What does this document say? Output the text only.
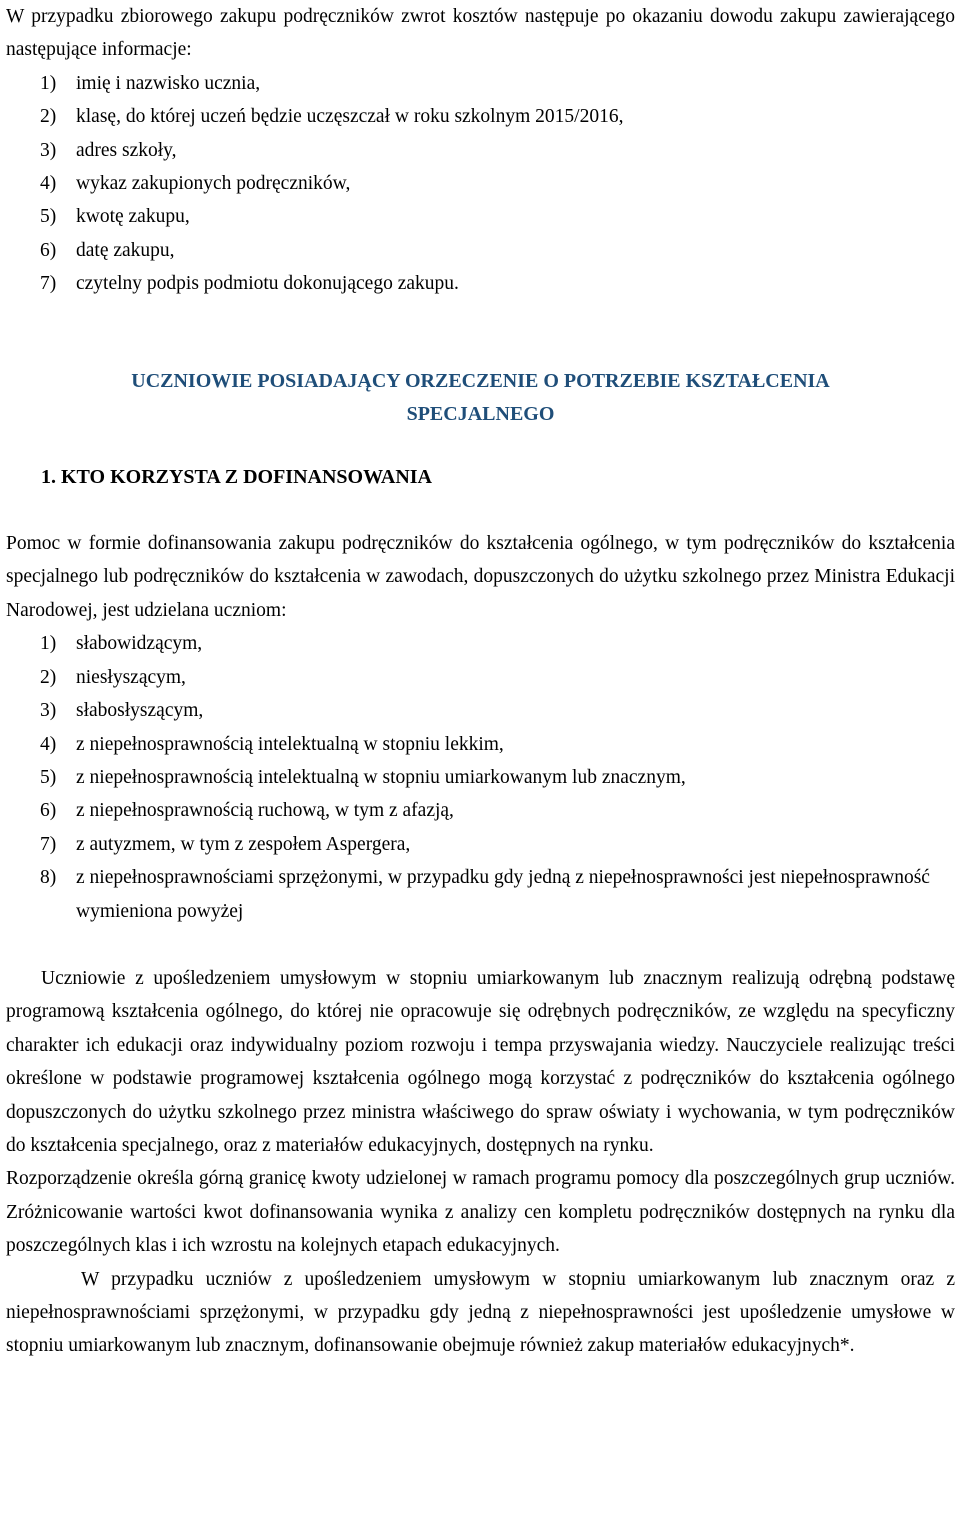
W przypadku zbiorowego zakupu podręczników zwrot kosztów następuje po okazaniu dowodu zakupu zawierającego następujące informacje:

1)	imię i nazwisko ucznia,
2)	klasę, do której uczeń będzie uczęszczał w roku szkolnym 2015/2016,
3)	adres szkoły,
4)	wykaz zakupionych podręczników,
5)	kwotę zakupu,
6)	datę zakupu,
7)	czytelny podpis podmiotu dokonującego zakupu.
UCZNIOWIE POSIADAJĄCY ORZECZENIE O POTRZEBIE KSZTAŁCENIA
SPECJALNEGO

1. KTO KORZYSTA Z DOFINANSOWANIA

Pomoc w formie dofinansowania zakupu podręczników do kształcenia ogólnego, w tym podręczników do kształcenia specjalnego lub podręczników do kształcenia w zawodach, dopuszczonych do użytku szkolnego przez Ministra Edukacji Narodowej, jest udzielana uczniom:

1)	słabowidzącym,
2)	niesłyszącym,
3)	słabosłyszącym,
4)	z niepełnosprawnością intelektualną w stopniu lekkim,
5)	z niepełnosprawnością intelektualną w stopniu umiarkowanym lub znacznym,
6)	z niepełnosprawnością ruchową, w tym z afazją,
7)	z autyzmem, w tym z zespołem Aspergera,
8)	z niepełnosprawnościami sprzężonymi, w przypadku gdy jedną z niepełnosprawności jest niepełnosprawność wymieniona powyżej

Uczniowie z upośledzeniem umysłowym w stopniu umiarkowanym lub znacznym realizują odrębną podstawę programową kształcenia ogólnego, do której nie opracowuje się odrębnych podręczników, ze względu na specyficzny charakter ich edukacji oraz indywidualny poziom rozwoju i tempa przyswajania wiedzy. Nauczyciele realizując treści określone w podstawie programowej kształcenia ogólnego mogą korzystać z podręczników do kształcenia ogólnego dopuszczonych do użytku szkolnego przez ministra właściwego do spraw oświaty i wychowania, w tym podręczników do kształcenia specjalnego, oraz z materiałów edukacyjnych, dostępnych na rynku.

Rozporządzenie określa górną granicę kwoty udzielonej w ramach programu pomocy dla poszczególnych grup uczniów. Zróżnicowanie wartości kwot dofinansowania wynika z analizy cen kompletu podręczników dostępnych na rynku dla poszczególnych klas i ich wzrostu na kolejnych etapach edukacyjnych.

W przypadku uczniów z upośledzeniem umysłowym w stopniu umiarkowanym lub znacznym oraz z niepełnosprawnościami sprzężonymi, w przypadku gdy jedną z niepełnosprawności jest upośledzenie umysłowe w stopniu umiarkowanym lub znacznym, dofinansowanie obejmuje również zakup materiałów edukacyjnych*.
